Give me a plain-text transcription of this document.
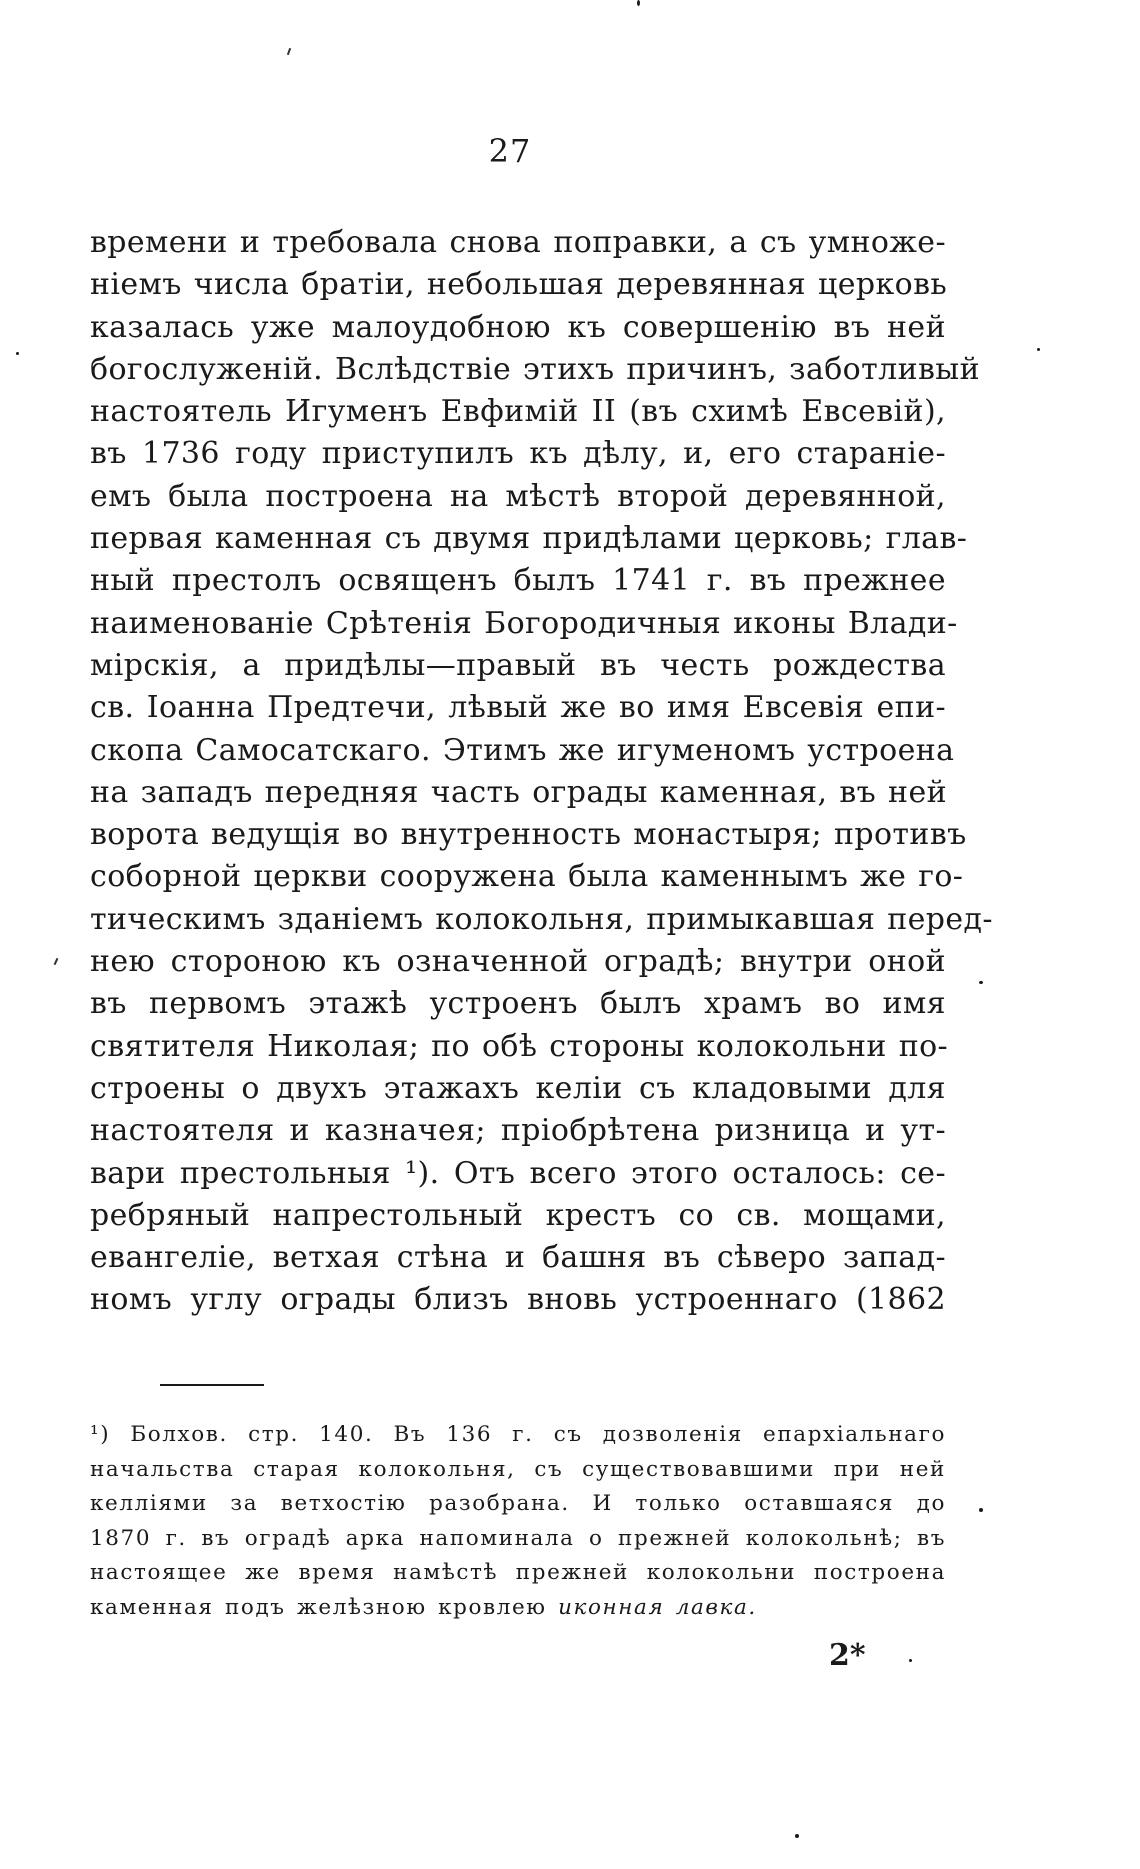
27
времени и требовала снова поправки, а съ умноже-
ніемъ числа братіи, небольшая деревянная церковь
казалась уже малоудобною къ совершенію въ ней
богослуженій. Вслѣдствіе этихъ причинъ, заботливый
настоятель Игуменъ Евфимій II (въ схимѣ Евсевій),
въ 1736 году приступилъ къ дѣлу, и, его стараніе-
емъ была построена на мѣстѣ второй деревянной,
первая каменная съ двумя придѣлами церковь; глав-
ный престолъ освященъ былъ 1741 г. въ прежнее
наименованіе Срѣтенія Богородичныя иконы Влади-
мірскія, а придѣлы—правый въ честь рождества
св. Іоанна Предтечи, лѣвый же во имя Евсевія епи-
скопа Самосатскаго. Этимъ же игуменомъ устроена
на западъ передняя часть ограды каменная, въ ней
ворота ведущія во внутренность монастыря; противъ
соборной церкви сооружена была каменнымъ же го-
тическимъ зданіемъ колокольня, примыкавшая перед-
нею стороною къ означенной оградѣ; внутри оной
въ первомъ этажѣ устроенъ былъ храмъ во имя
святителя Николая; по обѣ стороны колокольни по-
строены о двухъ этажахъ келіи съ кладовыми для
настоятеля и казначея; пріобрѣтена ризница и ут-
вари престольныя ¹). Отъ всего этого осталось: се-
ребряный напрестольный крестъ со св. мощами,
евангеліе, ветхая стѣна и башня въ сѣверо запад-
номъ углу ограды близъ вновь устроеннаго (1862
¹) Болхов. стр. 140. Въ 136 г. съ дозволенія епархіальнаго
начальства старая колокольня, съ существовавшими при ней
келліями за ветхостію разобрана. И только оставшаяся до
1870 г. въ оградѣ арка напоминала о прежней колокольнѣ; въ
настоящее же время намѣстѣ прежней колокольни построена
каменная подъ желѣзною кровлею иконная лавка.
2*
